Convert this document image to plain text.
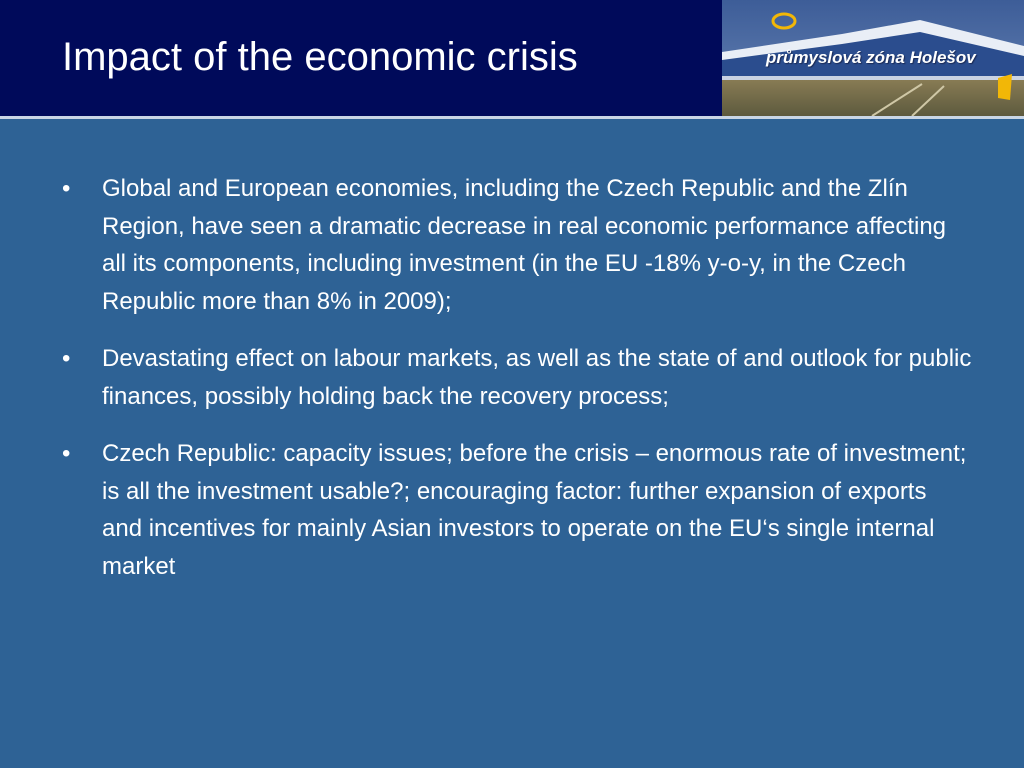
Impact of the economic crisis	průmyslová zóna Holešov
•	Global and European economies, including the Czech Republic and the Zlín Region, have seen a dramatic decrease in real economic performance affecting all its components, including investment (in the EU -18% y-o-y, in the Czech Republic more than 8% in 2009);
•	Devastating effect on labour markets, as well as the state of and outlook for public finances, possibly holding back the recovery process;
•	Czech Republic: capacity issues; before the crisis – enormous rate of investment; is all the investment usable?; encouraging factor: further expansion of exports and incentives for mainly Asian investors to operate on the EU‘s single internal market
